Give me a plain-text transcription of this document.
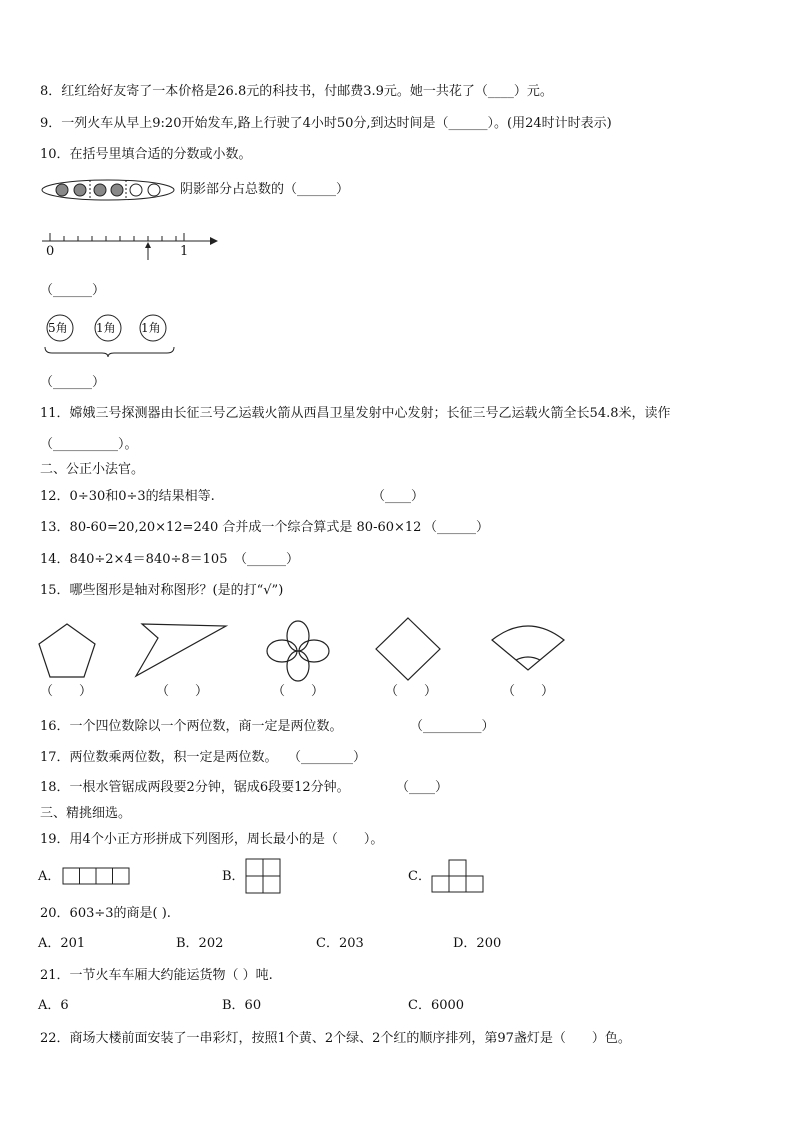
8．红红给好友寄了一本价格是26.8元的科技书，付邮费3.9元。她一共花了（____）元。
9．一列火车从早上9:20开始发车,路上行驶了4小时50分,到达时间是（______）。(用24时计时表示)
10．在括号里填合适的分数或小数。
阴影部分占总数的（______）
0	1
（______）
5角 1角 1角
（______）
11．嫦娥三号探测器由长征三号乙运载火箭从西昌卫星发射中心发射；长征三号乙运载火箭全长54.8米，读作
（__________）。
二、公正小法官。
12．0÷30和0÷3的结果相等.	（____）
13．80-60=20,20×12=240 合并成一个综合算式是 80-60×12 （______）
14．840÷2×4＝840÷8＝105 （______）
15．哪些图形是轴对称图形？(是的打“√”)
（　　）	（　　）	（　　）	（　　）	（　　）
16．一个四位数除以一个两位数，商一定是两位数。	（_________）
17．两位数乘两位数，积一定是两位数。 （________）
18．一根水管锯成两段要2分钟，锯成6段要12分钟。	（____）
三、精挑细选。
19．用4个小正方形拼成下列图形，周长最小的是（　　）。
A．	B．	C．
20．603÷3的商是( ).
A．201	B．202	C．203	D．200
21．一节火车车厢大约能运货物（ ）吨.
A．6	B．60	C．6000
22．商场大楼前面安装了一串彩灯，按照1个黄、2个绿、2个红的顺序排列，第97盏灯是（　　）色。
